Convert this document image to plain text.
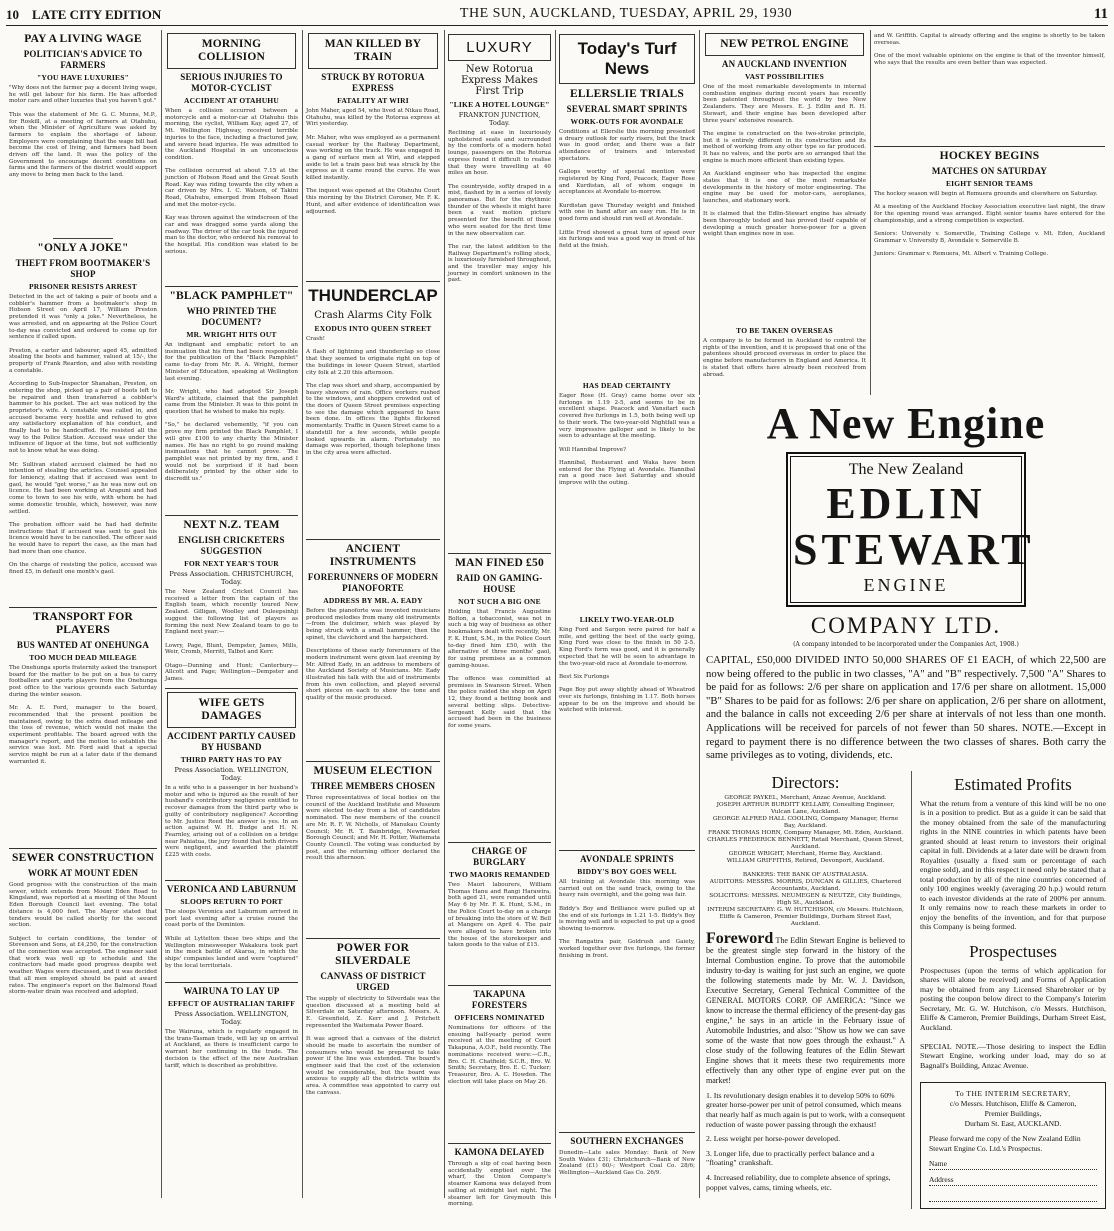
10 LATE CITY EDITION	THE SUN, AUCKLAND, TUESDAY, APRIL 29, 1930	11
PAY A LIVING WAGE
POLITICIAN'S ADVICE TO FARMERS
"YOU HAVE LUXURIES"
"Why does not the farmer pay a decent living wage, he will get labour for his farm. He has afforded motor cars and other luxuries that you haven't got."

This was the statement of Mr. G. C. Munns, M.P., for Roskill, at a meeting of farmers at Otahuhu, when the Minister of Agriculture was asked by farmers to explain the shortage of labour. Employers were complaining that the wage bill had become the cost of living, and farmers had been driven off the land. It was the policy of the Government to encourage decent conditions on farms and the farmers of the district would support any move to bring men back to the land.
"ONLY A JOKE"
THEFT FROM BOOTMAKER'S SHOP
PRISONER RESISTS ARREST
Detected in the act of taking a pair of boots and a cobbler's hammer from a bootmaker's shop in Hobson Street on April 17, William Preston pretended it was "only a joke." Nevertheless, he was arrested, and on appearing at the Police Court to-day was convicted and ordered to come up for sentence if called upon.

Preston, a carter and labourer, aged 45, admitted stealing the boots and hammer, valued at 15/-, the property of Frank Reardon, and also with resisting a constable.

According to Sub-Inspector Shanahan, Preston, on entering the shop, picked up a pair of boots left to be repaired and then transferred a cobbler's hammer to his pocket. The act was noticed by the proprietor's wife. A constable was called in, and accused became very hostile and refused to give any satisfactory explanation of his conduct, and finally had to be handcuffed. He resisted all the way to the Police Station. Accused was under the influence of liquor at the time, but not sufficiently not to know what he was doing.

Mr. Sullivan stated accused claimed he had no intention of stealing the articles. Counsel appealed for leniency, stating that if accused was sent to gaol, he would "get worse," as he was now out on licence. He had been working at Arapuni and had come to town to see his wife, with whom he had some domestic trouble, which, however, was now settled.

The probation officer said he had had definite instructions that if accused was sent to gaol his licence would have to be cancelled. The officer said he would have to report the case, as the man had had more than one chance.

On the charge of resisting the police, accused was fined £5, in default one month's gaol.
TRANSPORT FOR PLAYERS
BUS WANTED AT ONEHUNGA
TOO MUCH DEAD MILEAGE
The Onehunga sports fraternity asked the transport board for the matter to be put on a bus to carry footballers and sports players from the Onehunga post office to the various grounds each Saturday during the winter season.

Mr. A. E. Ford, manager to the board, recommended that the present position be maintained, owing to the extra dead mileage and the loss of revenue, which would not make the experiment profitable. The board agreed with the manager's report, and the motion to establish the service was lost. Mr. Ford said that a special service might be run at a later date if the demand warranted it.
SEWER CONSTRUCTION
WORK AT MOUNT EDEN
Good progress with the construction of the main sewer, which extends from Mount Eden Road to Kingsland, was reported at a meeting of the Mount Eden Borough Council last evening. The total distance is 4,000 feet. The Mayor stated that tenders would be called shortly for the second section.

Subject to certain conditions, the tender of Stevenson and Sons, at £4,250, for the construction of the connection was accepted. The engineer said that work was well up to schedule and the contractors had made good progress despite wet weather. Wages were discussed, and it was decided that all men employed should be paid at award rates. The engineer's report on the Balmoral Road storm-water drain was received and adopted.
MORNING COLLISION
SERIOUS INJURIES TO MOTOR-CYCLIST
ACCIDENT AT OTAHUHU
When a collision occurred between a motorcycle and a motor-car at Otahuhu this morning, the cyclist, William Kay, aged 27, of Mt. Wellington Highway, received terrible injuries to the face, including a fractured jaw, and severe head injuries. He was admitted to the Auckland Hospital in an unconscious condition.

The collision occurred at about 7.15 at the junction of Hobson Road and the Great South Road. Kay was riding towards the city when a car driven by Mrs. I. C. Watson, of Takini Road, Otahuhu, emerged from Hobson Road and met the motor-cycle.

Kay was thrown against the windscreen of the car and was dragged some yards along the roadway. The driver of the car took the injured man to the doctor, who ordered his removal to the hospital. His condition was stated to be serious.
"BLACK PAMPHLET"
WHO PRINTED THE DOCUMENT?
MR. WRIGHT HITS OUT
An indignant and emphatic retort to an insinuation that his firm had been responsible for the publication of the "Black Pamphlet" came to-day from Mr. R. A. Wright, former Minister of Education, speaking at Wellington last evening.

Mr. Wright, who had adopted Sir Joseph Ward's attitude, claimed that the pamphlet came from the Minister. It was to this point in question that he wished to make his reply.

"So," he declared vehemently, "if you can prove my firm printed the Black Pamphlet, I will give £100 to any charity the Minister names. He has no right to go round making insinuations that he cannot prove. The pamphlet was not printed by my firm, and I would not be surprised if it had been deliberately printed by the other side to discredit us."
NEXT N.Z. TEAM
ENGLISH CRICKETERS SUGGESTION
FOR NEXT YEAR'S TOUR
Press Association. CHRISTCHURCH, Today.
The New Zealand Cricket Council has received a letter from the captain of the English team, which recently toured New Zealand. Gilligan, Woolley and Duleepsinhji suggest the following list of players as forming the next New Zealand team to go to England next year:—

Lowry, Page, Blunt, Dempster, James, Mills, Weir, Cromb, Merritt, Talbot and Kerr.

Otago—Dunning and Hunt; Canterbury—Allcott and Page; Wellington—Dempster and James.
WIFE GETS DAMAGES
ACCIDENT PARTLY CAUSED BY HUSBAND
THIRD PARTY HAS TO PAY
Press Association. WELLINGTON, Today.
In a wife who is a passenger in her husband's motor and who is injured as the result of her husband's contributory negligence entitled to recover damages from the third party who is guilty of contributory negligence? According to Mr. Justice Reed the answer is yes. In an action against W. H. Budge and H. N. Fearnley, arising out of a collision on a bridge near Pahiatua, the jury found that both drivers were negligent, and awarded the plaintiff £225 with costs.
VERONICA AND LABURNUM
SLOOPS RETURN TO PORT
The sloops Veronica and Laburnum arrived in port last evening after a cruise round the coast ports of the Dominion.

While at Lyttelton these two ships and the Wellington minesweeper Wakakura took part in the mock battle of Akaroa, in which the ships' companies landed and were "captured" by the local territorials.
WAIRUNA TO LAY UP
EFFECT OF AUSTRALIAN TARIFF
Press Association. WELLINGTON, Today.
The Wairuna, which is regularly engaged in the trans-Tasman trade, will lay up on arrival at Auckland, as there is insufficient cargo to warrant her continuing in the trade. The decision is the effect of the new Australian tariff, which is described as prohibitive.
MAN KILLED BY TRAIN
STRUCK BY ROTORUA EXPRESS
FATALITY AT WIRI
John Maher, aged 54, who lived at Nikau Road, Otahuhu, was killed by the Rotorua express at Wiri yesterday.

Mr. Maher, who was employed as a permanent casual worker by the Railway Department, was working on the track. He was engaged in a gang of surface men at Wiri, and stepped aside to let a train pass but was struck by the express as it came round the curve. He was killed instantly.

The inquest was opened at the Otahuhu Court this morning by the District Coroner, Mr. F. K. Hunt, and after evidence of identification was adjourned.
THUNDERCLAP
Crash Alarms City Folk
EXODUS INTO QUEEN STREET
Crash!

A flash of lightning and thunderclap so close that they seemed to originate right on top of the buildings in lower Queen Street, startled city folk at 2.20 this afternoon.

The clap was short and sharp, accompanied by heavy showers of rain. Office workers rushed to the windows, and shoppers crowded out of the doors of Queen Street premises expecting to see the damage which appeared to have been done. In offices the lights flickered momentarily. Traffic in Queen Street came to a standstill for a few seconds, while people looked upwards in alarm. Fortunately no damage was reported, though telephone lines in the city area were affected.
ANCIENT INSTRUMENTS
FORERUNNERS OF MODERN PIANOFORTE
ADDRESS BY MR. A. EADY
Before the pianoforte was invented musicians produced melodies from many old instruments—from the dulcimer, which was played by being struck with a small hammer, then the spinet, the clavichord and the harpsichord.

Descriptions of these early forerunners of the modern instrument were given last evening by Mr. Alfred Eady, in an address to members of the Auckland Society of Musicians. Mr. Eady illustrated his talk with the aid of instruments from his own collection, and played several short pieces on each to show the tone and quality of the music produced.
MUSEUM ELECTION
THREE MEMBERS CHOSEN
Three representatives of local bodies on the council of the Auckland Institute and Museum were elected to-day from a list of candidates nominated. The new members of the council are Mr. R. F. W. Nicholls, of Manukau County Council; Mr. R. T. Bainbridge, Newmarket Borough Council; and Mr. H. Potter, Waitemata County Council. The voting was conducted by post, and the returning officer declared the result this afternoon.
POWER FOR SILVERDALE
CANVASS OF DISTRICT URGED
The supply of electricity to Silverdale was the question discussed at a meeting held at Silverdale on Saturday afternoon. Messrs. A. E. Greenfield, Z. Kerr and J. Pritchett represented the Waitemata Power Board.

It was agreed that a canvass of the district should be made to ascertain the number of consumers who would be prepared to take power if the line was extended. The board's engineer said that the cost of the extension would be considerable, but the board was anxious to supply all the districts within its area. A committee was appointed to carry out the canvass.
LUXURY
New Rotorua Express Makes First Trip
"LIKE A HOTEL LOUNGE"
FRANKTON JUNCTION, Today.
Reclining at ease in luxuriously upholstered seats and surrounded by the comforts of a modern hotel lounge, passengers on the Rotorua express found it difficult to realise that they were travelling at 40 miles an hour.

The countryside, softly draped in a mist, flashed by in a series of lovely panoramas. But for the rhythmic thunder of the wheels it might have been a vast motion picture presented for the benefit of those who were seated for the first time in the new observation car.

The car, the latest addition to the Railway Department's rolling stock, is luxuriously furnished throughout, and the traveller may enjoy his journey in comfort unknown in the past.
MAN FINED £50
RAID ON GAMING-HOUSE
NOT SUCH A BIG ONE
Holding that Francis Augustine Bolton, a tobacconist, was not in such a big way of business as other bookmakers dealt with recently, Mr. F. K. Hunt, S.M., in the Police Court to-day fined him £50, with the alternative of three months' gaol, for using premises as a common gaming-house.

The offence was committed at premises in Swanson Street. When the police raided the shop on April 12, they found a betting book and several betting slips. Detective-Sergeant Kelly said that the accused had been in the business for some years.
CHARGE OF BURGLARY
TWO MAORIS REMANDED
Two Maori labourers, William Thomas Hanu and Rangi Harawira, both aged 21, were remanded until May 6 by Mr. F. K. Hunt, S.M., in the Police Court to-day on a charge of breaking into the store of W. Bell at Mangere on April 4. The pair were alleged to have broken into the house of the storekeeper and taken goods to the value of £15.
TAKAPUNA FORESTERS
OFFICERS NOMINATED
Nominations for officers of the ensuing half-yearly period were received at the meeting of Court Takapuna, A.O.F., held recently. The nominations received were:—C.R., Bro. C. H. Chatfield; S.C.R., Bro. W. Smith; Secretary, Bro. E. C. Tucker; Treasurer, Bro. A. C. Howden. The election will take place on May 26.
KAMONA DELAYED
Through a slip of coal having been accidentally emptied over the wharf, the Union Company's steamer Kamona was delayed from sailing at midnight last night. The steamer left for Greymouth this morning.
Today's Turf News
ELLERSLIE TRIALS
SEVERAL SMART SPRINTS
WORK-OUTS FOR AVONDALE
Conditions at Ellerslie this morning presented a dreary outlook for early risers, but the track was in good order, and there was a fair attendance of trainers and interested spectators.

Gallops worthy of special mention were registered by King Ford, Peacock, Eager Rose and Kurdistan, all of whom engage in acceptances at Avondale to-morrow.

Kurdistan gave Thursday weight and finished with one in hand after an easy run. He is in good form and should run well at Avondale.

Little Fred showed a great turn of speed over six furlongs and was a good way in front of his field at the finish.
HAS DEAD CERTAINTY
Eager Rose (H. Gray) came home over six furlongs in 1.19 2-5, and seems to be in excellent shape. Peacock and Vansitart each covered five furlongs in 1.5, both being well up to their work. The two-year-old Nightfall was a very impressive galloper and is likely to be seen to advantage at the meeting.

Will Hannibal Improve?

Hannibal, Restaurant and Waka have been entered for the Flying at Avondale. Hannibal ran a good race last Saturday and should improve with the outing.
LIKELY TWO-YEAR-OLD
King Ford and Sargon were paired for half a mile, and getting the best of the early going, King Ford was close to the finish in 50 2-5. King Ford's form was good, and it is generally expected that he will be seen to advantage in the two-year-old race at Avondale to-morrow.

Best Six Furlongs

Page Boy put away slightly ahead of Wheatrod over six furlongs, finishing in 1.17. Both horses appear to be on the improve and should be watched with interest.
AVONDALE SPRINTS
BIDDY'S BOY GOES WELL
All training at Avondale this morning was carried out on the sand track, owing to the heavy rain overnight, and the going was fair.

Biddy's Boy and Brilliance were pulled up at the end of six furlongs in 1.21 1-5. Biddy's Boy is moving well and is expected to put up a good showing to-morrow.

The Rangatira pair, Goldrush and Gaiety, worked together over five furlongs, the former finishing in front.
SOUTHERN EXCHANGES
Dunedin—Late sales Monday: Bank of New South Wales £31; Christchurch—Bank of New Zealand (£1) 60/-; Westport Coal Co. 28/6; Wellington—Auckland Gas Co. 26/9.
NEW PETROL ENGINE
AN AUCKLAND INVENTION
VAST POSSIBILITIES
One of the most remarkable developments in internal combustion engines during recent years has recently been patented throughout the world by two New Zealanders. They are Messrs. E. J. Edlin and R. H. Stewart, and their engine has been developed after three years' extensive research.

The engine is constructed on the two-stroke principle, but it is entirely different in its construction and its method of working from any other type so far produced. It has no valves, and the ports are so arranged that the engine is much more efficient than existing types.

An Auckland engineer who has inspected the engine states that it is one of the most remarkable developments in the history of motor engineering. The engine may be used for motor-cars, aeroplanes, launches, and stationary work.

It is claimed that the Edlin-Stewart engine has already been thoroughly tested and has proved itself capable of developing a much greater horse-power for a given weight than engines now in use.
TO BE TAKEN OVERSEAS
A company is to be formed in Auckland to control the rights of the invention, and it is proposed that one of the patentees should proceed overseas in order to place the engine before manufacturers in England and America. It is stated that offers have already been received from abroad.
and W. Griffith. Capital is already offering and the engine is shortly to be taken overseas.

One of the most valuable opinions on the engine is that of the inventor himself, who says that the results are even better than was expected.
HOCKEY BEGINS
MATCHES ON SATURDAY
EIGHT SENIOR TEAMS
The hockey season will begin at Remuera grounds and elsewhere on Saturday.

At a meeting of the Auckland Hockey Association executive last night, the draw for the opening round was arranged. Eight senior teams have entered for the championship, and a strong competition is expected.

Seniors: University v. Somerville, Training College v. Mt. Eden, Auckland Grammar v. University B, Avondale v. Somerville B.

Juniors: Grammar v. Remuera, Mt. Albert v. Training College.
A New Engine
The New Zealand
EDLIN
STEWART
ENGINE
COMPANY LTD.
(A company intended to be incorporated under the Companies Act, 1908.)
CAPITAL, £50,000 DIVIDED INTO 50,000 SHARES OF £1 EACH, of which 22,500 are now being offered to the public in two classes, "A" and "B" respectively. 7,500 "A" Shares to be paid for as follows: 2/6 per share on application and 17/6 per share on allotment. 15,000 "B" Shares to be paid for as follows: 2/6 per share on application, 2/6 per share on allotment, and the balance in calls not exceeding 2/6 per share at intervals of not less than one month. Applications will be received for parcels of not fewer than 50 shares. NOTE.—Except in regard to payment there is no difference between the two classes of shares. Both carry the same privileges as to voting, dividends, etc.
Directors:
GEORGE PAYKEL, Merchant, Anzac Avenue, Auckland.
JOSEPH ARTHUR BURDITT KELLABY, Consulting Engineer, Vulcan Lane, Auckland.
GEORGE ALFRED HALL COOLING, Company Manager, Herne Bay, Auckland.
FRANK THOMAS HORN, Company Manager, Mt. Eden, Auckland.
CHARLES FREDERICK BENNETT, Retail Merchant, Queen Street, Auckland.
GEORGE WRIGHT, Merchant, Herne Bay, Auckland.
WILLIAM GRIFFITHS, Retired, Devonport, Auckland.

BANKERS: THE BANK OF AUSTRALASIA.
AUDITORS: MESSRS. MORRIS, DUNCAN & GILLIES, Chartered Accountants, Auckland.
SOLICITORS: MESSRS. NEUMEGEN & NEUTZE, City Buildings, High St., Auckland.
INTERIM SECRETARY: G. W. HUTCHISON, c/o Messrs. Hutchison, Eliffe & Cameron, Premier Buildings, Durham Street East, Auckland.
Foreword The Edlin Stewart Engine is believed to be the greatest single step forward in the history of the Internal Combustion engine. To prove that the automobile industry to-day is waiting for just such an engine, we quote the following statements made by Mr. W. J. Davidson, Executive Secretary, General Technical Committee of the GENERAL MOTORS CORP. OF AMERICA: "Since we know to increase the thermal efficiency of the present-day gas engine," he says in an article in the February issue of Automobile Industries, and also: "Show us how we can save some of the waste that now goes through the exhaust." A close study of the following features of the Edlin Stewart Engine shows that it meets these two requirements more effectively than any other type of engine ever put on the market!
1. Its revolutionary design enables it to develop 50% to 60% greater horse-power per unit of petrol consumed, which means that nearly half as much again is put to work, with a consequent reduction of waste power passing through the exhaust!
2. Less weight per horse-power developed.
3. Longer life, due to practically perfect balance and a "floating" crankshaft.
4. Increased reliability, due to complete absence of springs, poppet valves, cams, timing wheels, etc.
Estimated Profits
What the return from a venture of this kind will be no one is in a position to predict. But as a guide it can be said that the money obtained from the sale of the manufacturing rights in the NINE countries in which patents have been granted should at least return to investors their original capital in full. Dividends at a later date will be drawn from Royalties (usually a fixed sum or percentage of each engine sold), and in this respect it need only be stated that a total production by all of the nine countries concerned of only 100 engines weekly (averaging 20 h.p.) would return to each investor dividends at the rate of 200% per annum. It only remains now to reach these markets in order to enjoy the benefits of the invention, and for that purpose this Company is being formed.
Prospectuses
Prospectuses (upon the terms of which application for shares will alone be received) and Forms of Application may be obtained from any Licensed Sharebroker or by posting the coupon below direct to the Company's Interim Secretary, Mr. G. W. Hutchison, c/o Messrs. Hutchison, Eliffe & Cameron, Premier Buildings, Durham Street East, Auckland.

SPECIAL NOTE.—Those desiring to inspect the Edlin Stewart Engine, working under load, may do so at Bagnall's Building, Anzac Avenue.
To THE INTERIM SECRETARY,
c/o Messrs. Hutchison, Eliffe & Cameron,
Premier Buildings,
Durham St. East, AUCKLAND.
Please forward me copy of the New Zealand Edlin Stewart Engine Co. Ltd.'s Prospectus.
Name
Address
